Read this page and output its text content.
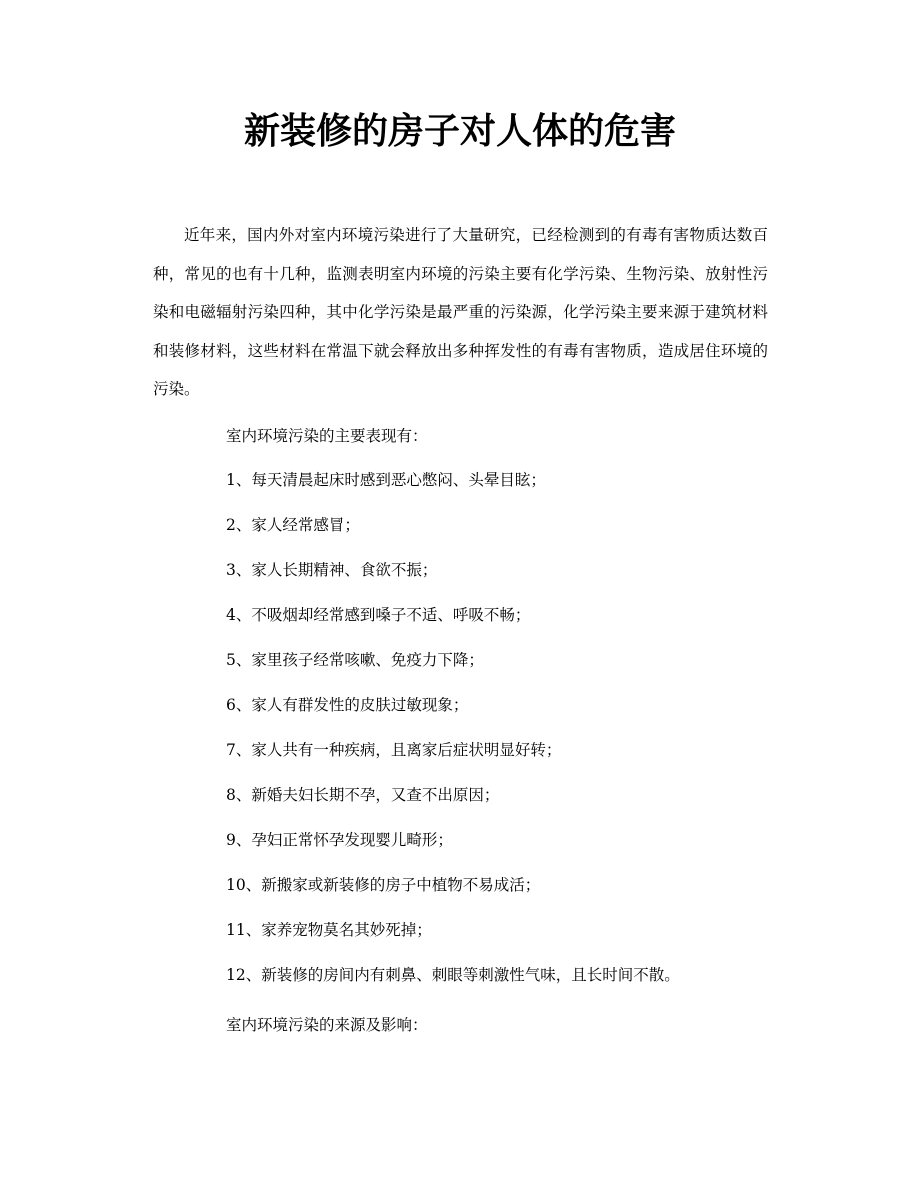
新装修的房子对人体的危害

近年来，国内外对室内环境污染进行了大量研究，已经检测到的有毒有害物质达数百种，常见的也有十几种，监测表明室内环境的污染主要有化学污染、生物污染、放射性污染和电磁辐射污染四种，其中化学污染是最严重的污染源，化学污染主要来源于建筑材料和装修材料，这些材料在常温下就会释放出多种挥发性的有毒有害物质，造成居住环境的污染。

室内环境污染的主要表现有：

1、每天清晨起床时感到恶心憋闷、头晕目眩；

2、家人经常感冒；

3、家人长期精神、食欲不振；

4、不吸烟却经常感到嗓子不适、呼吸不畅；

5、家里孩子经常咳嗽、免疫力下降；

6、家人有群发性的皮肤过敏现象；

7、家人共有一种疾病，且离家后症状明显好转；

8、新婚夫妇长期不孕，又查不出原因；

9、孕妇正常怀孕发现婴儿畸形；

10、新搬家或新装修的房子中植物不易成活；

11、家养宠物莫名其妙死掉；

12、新装修的房间内有刺鼻、刺眼等刺激性气味，且长时间不散。

室内环境污染的来源及影响：
